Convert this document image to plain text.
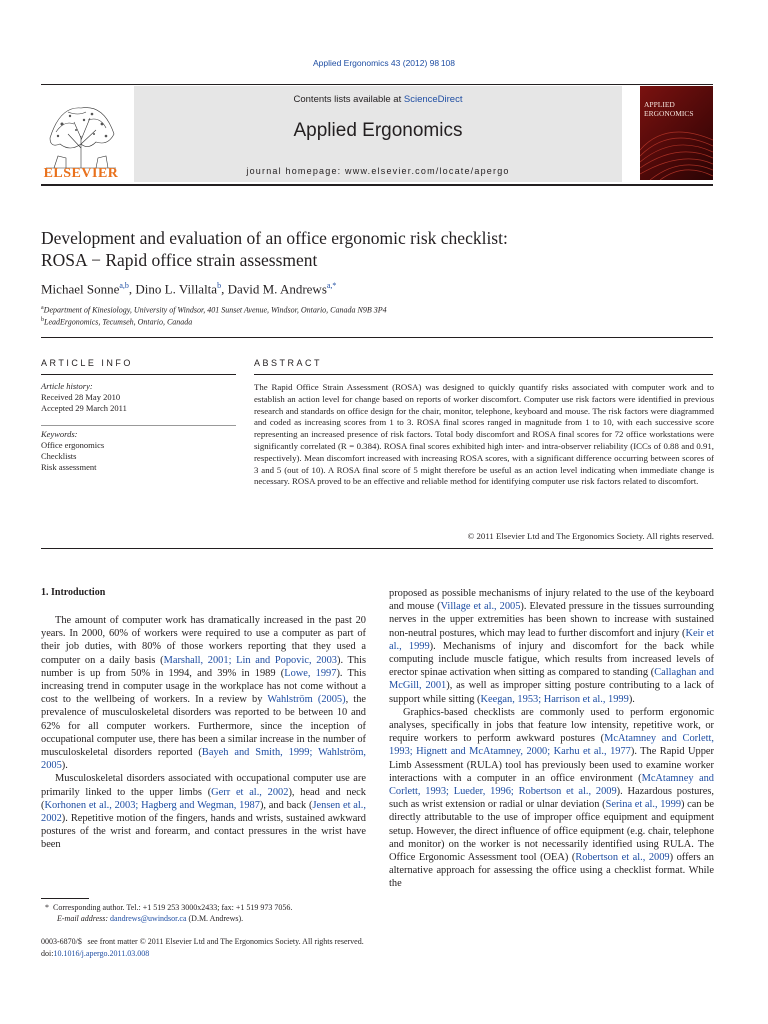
Applied Ergonomics 43 (2012) 98 108
ELSEVIER
Contents lists available at ScienceDirect
Applied Ergonomics
journal homepage: www.elsevier.com/locate/apergo
APPLIED
ERGONOMICS
Development and evaluation of an office ergonomic risk checklist:
ROSA − Rapid office strain assessment
Michael Sonne$^{a,b}$, Dino L. Villalta$^b$, David M. Andrews$^{a,*}$
$^a$Department of Kinesiology, University of Windsor, 401 Sunset Avenue, Windsor, Ontario, Canada N9B 3P4
$^b$LeadErgonomics, Tecumseh, Ontario, Canada
ARTICLE INFO	ABSTRACT
Article history:
Received 28 May 2010
Accepted 29 March 2011
Keywords:
Office ergonomics
Checklists
Risk assessment
The Rapid Office Strain Assessment (ROSA) was designed to quickly quantify risks associated with computer work and to establish an action level for change based on reports of worker discomfort. Computer use risk factors were identified in previous research and standards on office design for the chair, monitor, telephone, keyboard and mouse. The risk factors were diagrammed and coded as increasing scores from 1 to 3. ROSA final scores ranged in magnitude from 1 to 10, with each successive score representing an increased presence of risk factors. Total body discomfort and ROSA final scores for 72 office workstations were significantly correlated (R = 0.384). ROSA final scores exhibited high inter- and intra-observer reliability (ICCs of 0.88 and 0.91, respectively). Mean discomfort increased with increasing ROSA scores, with a significant difference occurring between scores of 3 and 5 (out of 10). A ROSA final score of 5 might therefore be useful as an action level indicating when immediate change is necessary. ROSA proved to be an effective and reliable method for identifying computer use risk factors related to discomfort.
© 2011 Elsevier Ltd and The Ergonomics Society. All rights reserved.
1. Introduction

The amount of computer work has dramatically increased in the past 20 years. In 2000, 60% of workers were required to use a computer as part of their job duties, with 80% of those workers reporting that they used a computer on a daily basis (Marshall, 2001; Lin and Popovic, 2003). This number is up from 50% in 1994, and 39% in 1989 (Lowe, 1997). This increasing trend in computer usage in the workplace has not come without a cost to the wellbeing of workers. In a review by Wahlström (2005), the prevalence of musculoskeletal disorders was reported to be between 10 and 62% for all computer workers. Furthermore, since the inception of occupational computer use, there has been a similar increase in the number of musculoskeletal disorders reported (Bayeh and Smith, 1999; Wahlström, 2005).

Musculoskeletal disorders associated with occupational computer use are primarily linked to the upper limbs (Gerr et al., 2002), head and neck (Korhonen et al., 2003; Hagberg and Wegman, 1987), and back (Jensen et al., 2002). Repetitive motion of the fingers, hands and wrists, sustained awkward postures of the wrist and forearm, and contact pressures in the wrist have been

proposed as possible mechanisms of injury related to the use of the keyboard and mouse (Village et al., 2005). Elevated pressure in the tissues surrounding nerves in the upper extremities has been shown to increase with sustained non-neutral postures, which may lead to further discomfort and injury (Keir et al., 1999). Mechanisms of injury and discomfort for the back while computing include muscle fatigue, which results from increased levels of erector spinae activation when sitting as compared to standing (Callaghan and McGill, 2001), as well as improper sitting posture contributing to a lack of support while sitting (Keegan, 1953; Harrison et al., 1999).

Graphics-based checklists are commonly used to perform ergonomic analyses, specifically in jobs that feature low intensity, repetitive work, or require workers to perform awkward postures (McAtamney and Corlett, 1993; Hignett and McAtamney, 2000; Karhu et al., 1977). The Rapid Upper Limb Assessment (RULA) tool has previously been used to examine worker interactions with a computer in an office environment (McAtamney and Corlett, 1993; Lueder, 1996; Robertson et al., 2009). Hazardous postures, such as wrist extension or radial or ulnar deviation (Serina et al., 1999) can be directly attributable to the use of improper office equipment and equipment setup. However, the direct influence of office equipment (e.g. chair, telephone and monitor) on the worker is not necessarily identified using RULA. The Office Ergonomic Assessment tool (OEA) (Robertson et al., 2009) offers an alternative approach for assessing the office using a checklist format. While the

*  Corresponding author. Tel.: +1 519 253 3000x2433; fax: +1 519 973 7056.
E-mail address: dandrews@uwindsor.ca (D.M. Andrews).
0003-6870/$   see front matter © 2011 Elsevier Ltd and The Ergonomics Society. All rights reserved.
doi:10.1016/j.apergo.2011.03.008
